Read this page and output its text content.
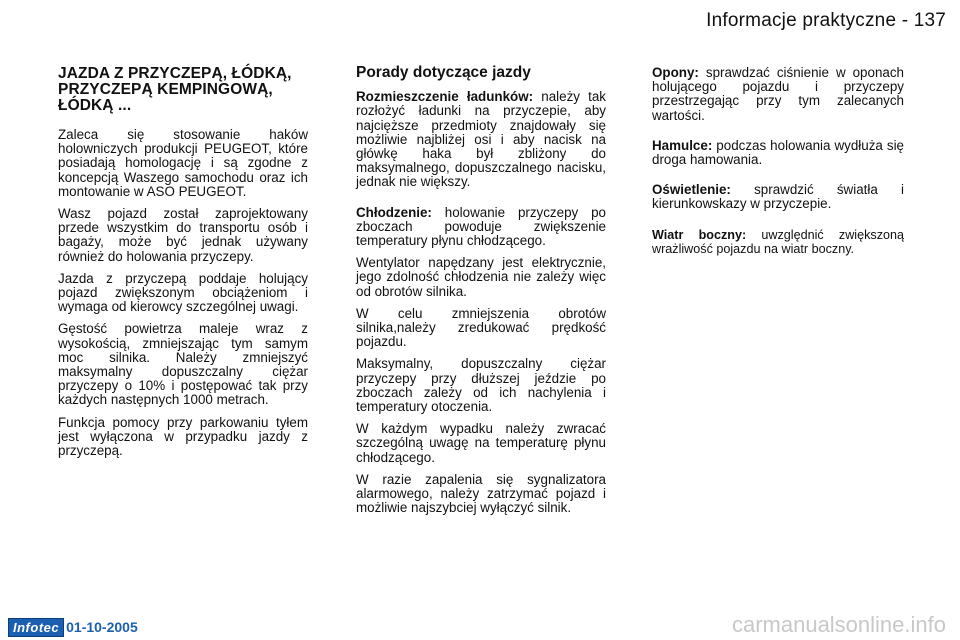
Informacje praktyczne - 137
JAZDA Z PRZYCZEPĄ, ŁÓDKĄ, PRZYCZEPĄ KEMPINGOWĄ, ŁÓDKĄ ...

Zaleca się stosowanie haków holowniczych produkcji PEUGEOT, które posiadają homologację i są zgodne z koncepcją Waszego samochodu oraz ich montowanie w ASO PEUGEOT.

Wasz pojazd został zaprojektowany przede wszystkim do transportu osób i bagaży, może być jednak używany również do holowania przyczepy.

Jazda z przyczepą poddaje holujący pojazd zwiększonym obciążeniom i wymaga od kierowcy szczególnej uwagi.

Gęstość powietrza maleje wraz z wysokością, zmniejszając tym samym moc silnika. Należy zmniejszyć maksymalny dopuszczalny ciężar przyczepy o 10% i postępować tak przy każdych następnych 1000 metrach.

Funkcja pomocy przy parkowaniu tyłem jest wyłączona w przypadku jazdy z przyczepą.

Porady dotyczące jazdy

Rozmieszczenie ładunków: należy tak rozłożyć ładunki na przyczepie, aby najcięższe przedmioty znajdowały się możliwie najbliżej osi i aby nacisk na główkę haka był zbliżony do maksymalnego, dopuszczalnego nacisku, jednak nie większy.

Chłodzenie: holowanie przyczepy po zboczach powoduje zwiększenie temperatury płynu chłodzącego.

Wentylator napędzany jest elektrycznie, jego zdolność chłodzenia nie zależy więc od obrotów silnika.

W celu zmniejszenia obrotów silnika,należy zredukować prędkość pojazdu.

Maksymalny, dopuszczalny ciężar przyczepy przy dłuższej jeździe po zboczach zależy od ich nachylenia i temperatury otoczenia.

W każdym wypadku należy zwracać szczególną uwagę na temperaturę płynu chłodzącego.

W razie zapalenia się sygnalizatora alarmowego, należy zatrzymać pojazd i możliwie najszybciej wyłączyć silnik.

Opony: sprawdzać ciśnienie w oponach holującego pojazdu i przyczepy przestrzegając przy tym zalecanych wartości.

Hamulce: podczas holowania wydłuża się droga hamowania.

Oświetlenie: sprawdzić światła i kierunkowskazy w przyczepie.

Wiatr boczny: uwzględnić zwiększoną wrażliwość pojazdu na wiatr boczny.

Infotec 01-10-2005	carmanualsonline.info
